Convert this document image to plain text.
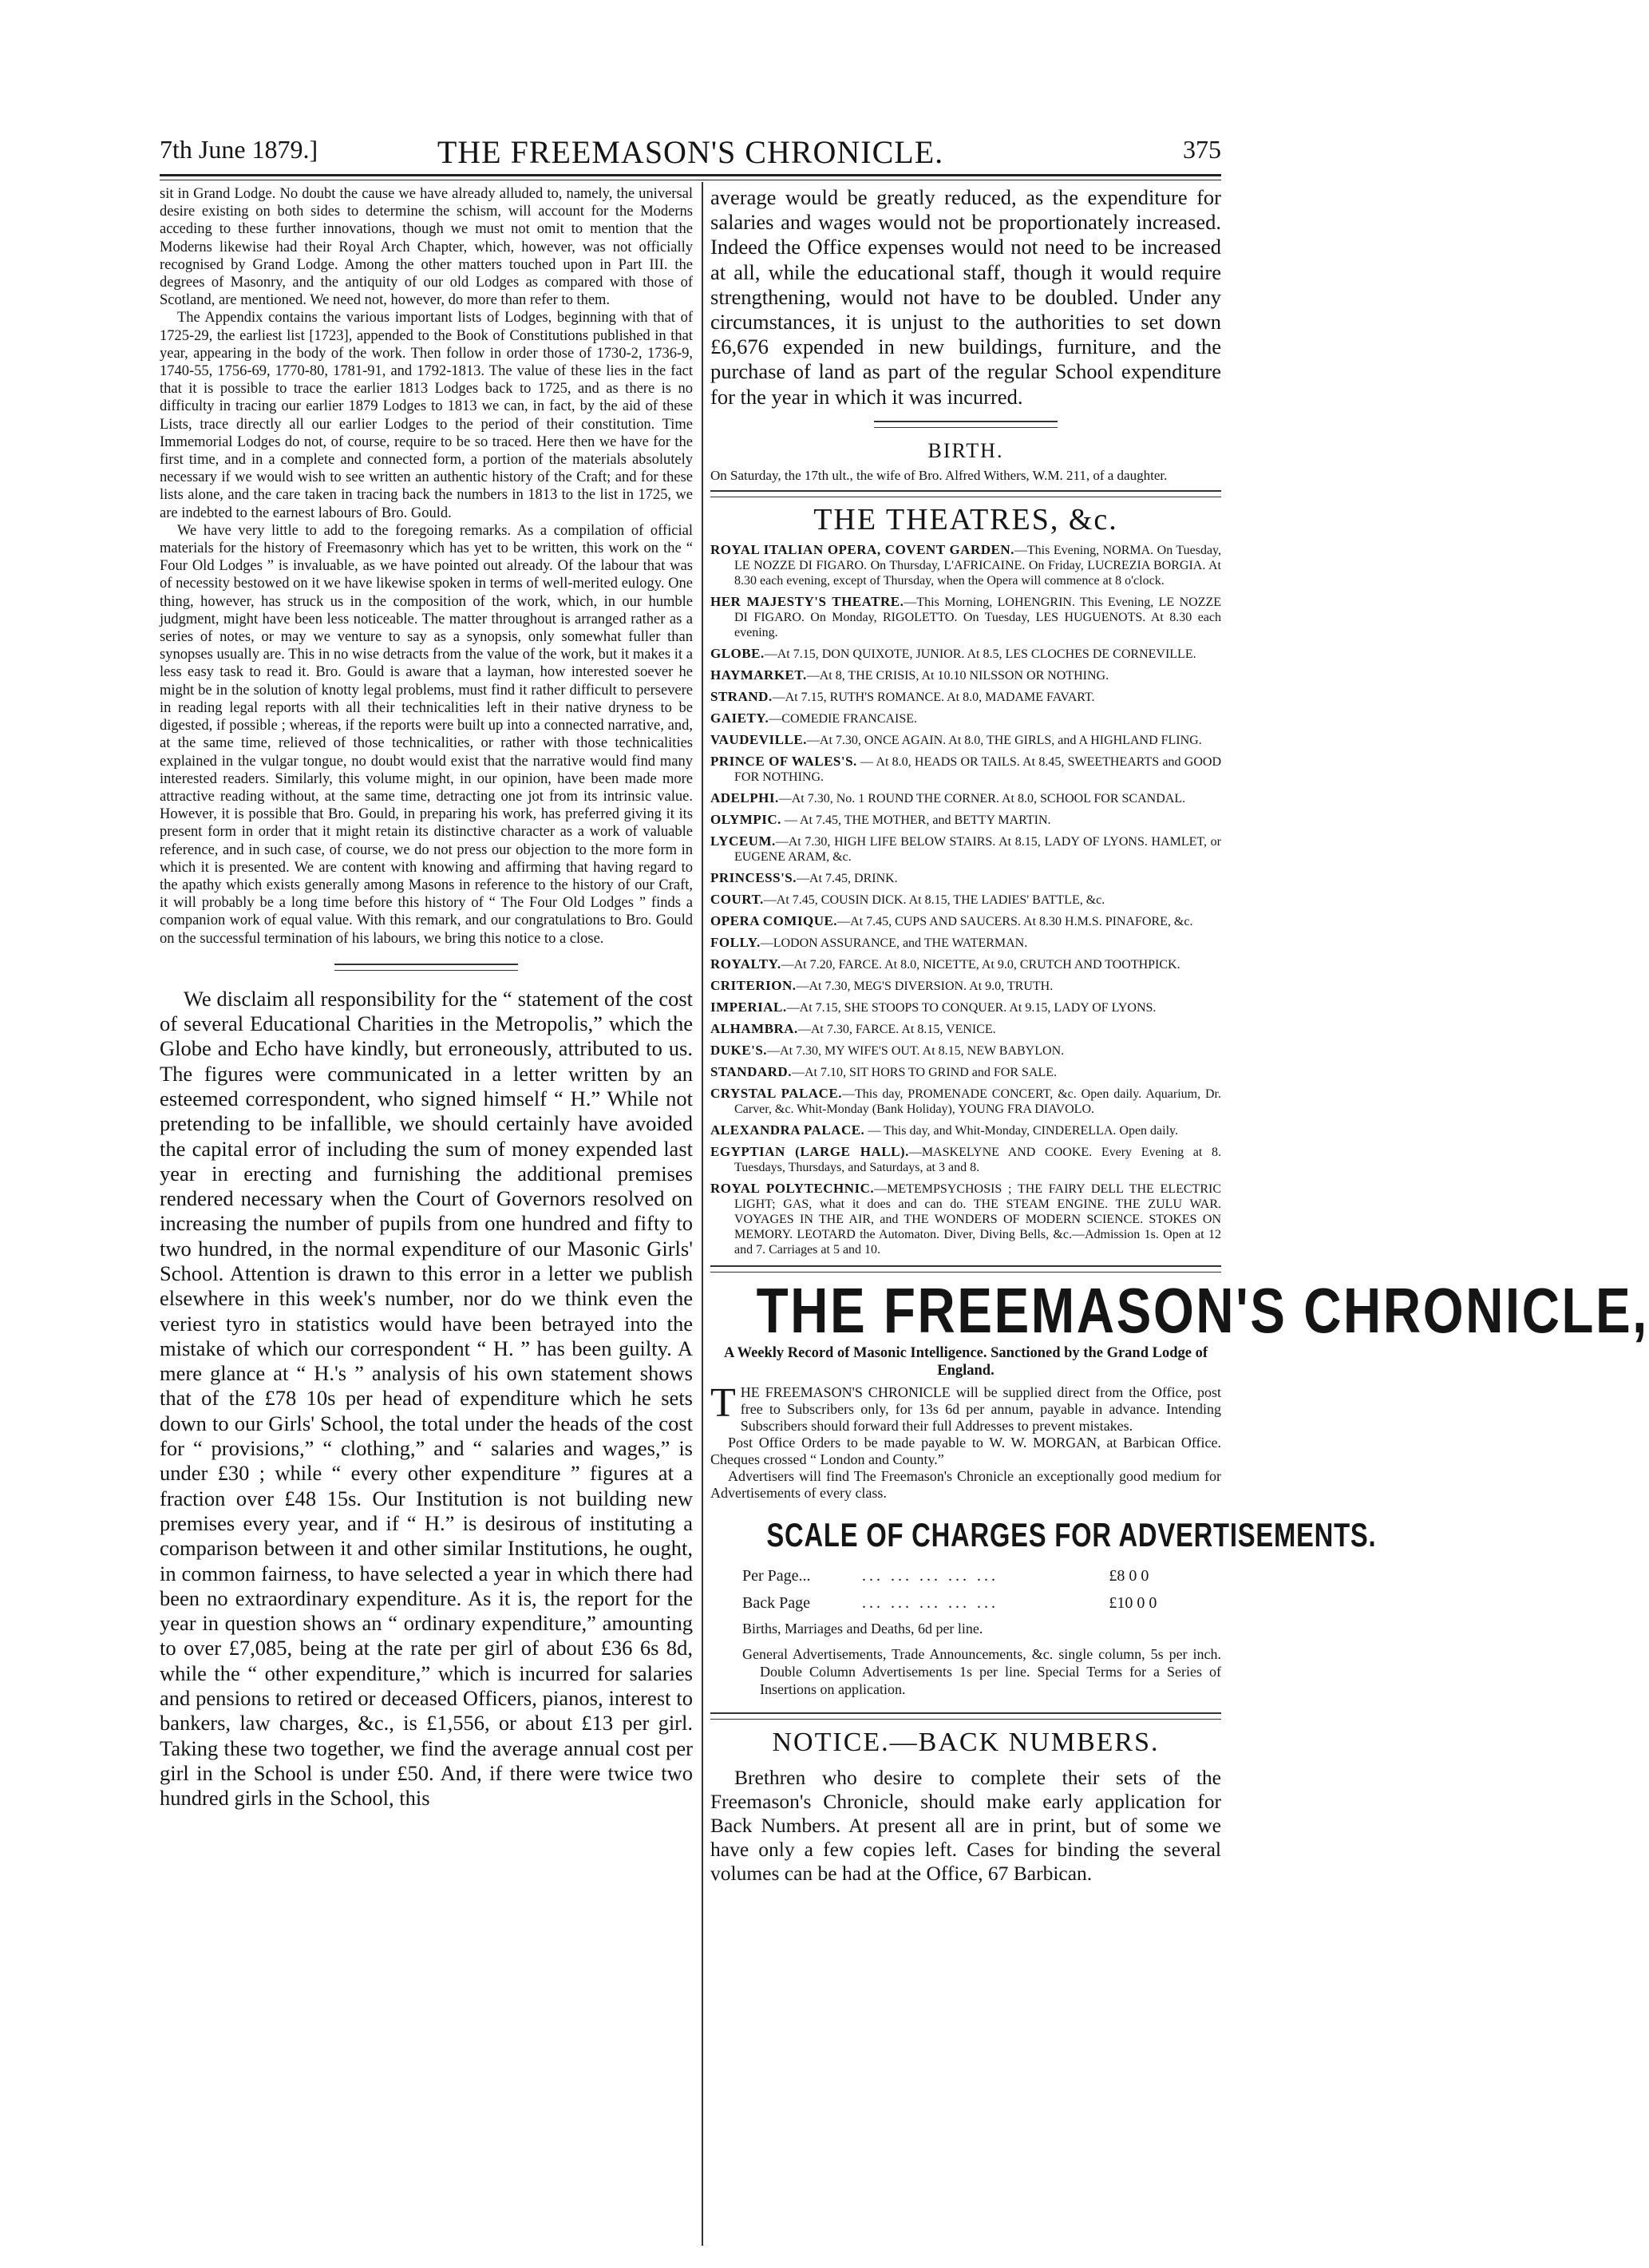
7th June 1879.]	THE FREEMASON'S CHRONICLE.	375

sit in Grand Lodge. No doubt the cause we have already alluded to, namely, the universal desire existing on both sides to determine the schism, will account for the Moderns acceding to these further innovations, though we must not omit to mention that the Moderns likewise had their Royal Arch Chapter, which, however, was not officially recognised by Grand Lodge. Among the other matters touched upon in Part III. the degrees of Masonry, and the antiquity of our old Lodges as compared with those of Scotland, are mentioned. We need not, however, do more than refer to them.

The Appendix contains the various important lists of Lodges, beginning with that of 1725-29, the earliest list [1723], appended to the Book of Constitutions published in that year, appearing in the body of the work. Then follow in order those of 1730-2, 1736-9, 1740-55, 1756-69, 1770-80, 1781-91, and 1792-1813. The value of these lies in the fact that it is possible to trace the earlier 1813 Lodges back to 1725, and as there is no difficulty in tracing our earlier 1879 Lodges to 1813 we can, in fact, by the aid of these Lists, trace directly all our earlier Lodges to the period of their constitution. Time Immemorial Lodges do not, of course, require to be so traced. Here then we have for the first time, and in a complete and connected form, a portion of the materials absolutely necessary if we would wish to see written an authentic history of the Craft; and for these lists alone, and the care taken in tracing back the numbers in 1813 to the list in 1725, we are indebted to the earnest labours of Bro. Gould.

We have very little to add to the foregoing remarks. As a compilation of official materials for the history of Freemasonry which has yet to be written, this work on the “ Four Old Lodges ” is invaluable, as we have pointed out already. Of the labour that was of necessity bestowed on it we have likewise spoken in terms of well-merited eulogy. One thing, however, has struck us in the composition of the work, which, in our humble judgment, might have been less noticeable. The matter throughout is arranged rather as a series of notes, or may we venture to say as a synopsis, only somewhat fuller than synopses usually are. This in no wise detracts from the value of the work, but it makes it a less easy task to read it. Bro. Gould is aware that a layman, how interested soever he might be in the solution of knotty legal problems, must find it rather difficult to persevere in reading legal reports with all their technicalities left in their native dryness to be digested, if possible ; whereas, if the reports were built up into a connected narrative, and, at the same time, relieved of those technicalities, or rather with those technicalities explained in the vulgar tongue, no doubt would exist that the narrative would find many interested readers. Similarly, this volume might, in our opinion, have been made more attractive reading without, at the same time, detracting one jot from its intrinsic value. However, it is possible that Bro. Gould, in preparing his work, has preferred giving it its present form in order that it might retain its distinctive character as a work of valuable reference, and in such case, of course, we do not press our objection to the more form in which it is presented. We are content with knowing and affirming that having regard to the apathy which exists generally among Masons in reference to the history of our Craft, it will probably be a long time before this history of “ The Four Old Lodges ” finds a companion work of equal value. With this remark, and our congratulations to Bro. Gould on the successful termination of his labours, we bring this notice to a close.

We disclaim all responsibility for the “ statement of the cost of several Educational Charities in the Metropolis,” which the Globe and Echo have kindly, but erroneously, attributed to us. The figures were communicated in a letter written by an esteemed correspondent, who signed himself “ H.” While not pretending to be infallible, we should certainly have avoided the capital error of including the sum of money expended last year in erecting and furnishing the additional premises rendered necessary when the Court of Governors resolved on increasing the number of pupils from one hundred and fifty to two hundred, in the normal expenditure of our Masonic Girls' School. Attention is drawn to this error in a letter we publish elsewhere in this week's number, nor do we think even the veriest tyro in statistics would have been betrayed into the mistake of which our correspondent “ H. ” has been guilty. A mere glance at “ H.'s ” analysis of his own statement shows that of the £78 10s per head of expenditure which he sets down to our Girls' School, the total under the heads of the cost for “ provisions,” “ clothing,” and “ salaries and wages,” is under £30 ; while “ every other expenditure ” figures at a fraction over £48 15s. Our Institution is not building new premises every year, and if “ H.” is desirous of instituting a comparison between it and other similar Institutions, he ought, in common fairness, to have selected a year in which there had been no extraordinary expenditure. As it is, the report for the year in question shows an “ ordinary expenditure,” amounting to over £7,085, being at the rate per girl of about £36 6s 8d, while the “ other expenditure,” which is incurred for salaries and pensions to retired or deceased Officers, pianos, interest to bankers, law charges, &c., is £1,556, or about £13 per girl. Taking these two together, we find the average annual cost per girl in the School is under £50. And, if there were twice two hundred girls in the School, this

average would be greatly reduced, as the expenditure for salaries and wages would not be proportionately increased. Indeed the Office expenses would not need to be increased at all, while the educational staff, though it would require strengthening, would not have to be doubled. Under any circumstances, it is unjust to the authorities to set down £6,676 expended in new buildings, furniture, and the purchase of land as part of the regular School expenditure for the year in which it was incurred.

BIRTH.

On Saturday, the 17th ult., the wife of Bro. Alfred Withers, W.M. 211, of a daughter.

THE THEATRES, &c.
ROYAL ITALIAN OPERA, COVENT GARDEN.—This Evening, NORMA. On Tuesday, LE NOZZE DI FIGARO. On Thursday, L'AFRICAINE. On Friday, LUCREZIA BORGIA. At 8.30 each evening, except of Thursday, when the Opera will commence at 8 o'clock.
HER MAJESTY'S THEATRE.—This Morning, LOHENGRIN. This Evening, LE NOZZE DI FIGARO. On Monday, RIGOLETTO. On Tuesday, LES HUGUENOTS. At 8.30 each evening.
GLOBE.—At 7.15, DON QUIXOTE, JUNIOR. At 8.5, LES CLOCHES DE CORNEVILLE.
HAYMARKET.—At 8, THE CRISIS, At 10.10 NILSSON OR NOTHING.
STRAND.—At 7.15, RUTH'S ROMANCE. At 8.0, MADAME FAVART.
GAIETY.—COMEDIE FRANCAISE.
VAUDEVILLE.—At 7.30, ONCE AGAIN. At 8.0, THE GIRLS, and A HIGHLAND FLING.
PRINCE OF WALES'S. — At 8.0, HEADS OR TAILS. At 8.45, SWEETHEARTS and GOOD FOR NOTHING.
ADELPHI.—At 7.30, No. 1 ROUND THE CORNER. At 8.0, SCHOOL FOR SCANDAL.
OLYMPIC. — At 7.45, THE MOTHER, and BETTY MARTIN.
LYCEUM.—At 7.30, HIGH LIFE BELOW STAIRS. At 8.15, LADY OF LYONS. HAMLET, or EUGENE ARAM, &c.
PRINCESS'S.—At 7.45, DRINK.
COURT.—At 7.45, COUSIN DICK. At 8.15, THE LADIES' BATTLE, &c.
OPERA COMIQUE.—At 7.45, CUPS AND SAUCERS. At 8.30 H.M.S. PINAFORE, &c.
FOLLY.—LODON ASSURANCE, and THE WATERMAN.
ROYALTY.—At 7.20, FARCE. At 8.0, NICETTE, At 9.0, CRUTCH AND TOOTHPICK.
CRITERION.—At 7.30, MEG'S DIVERSION. At 9.0, TRUTH.
IMPERIAL.—At 7.15, SHE STOOPS TO CONQUER. At 9.15, LADY OF LYONS.
ALHAMBRA.—At 7.30, FARCE. At 8.15, VENICE.
DUKE'S.—At 7.30, MY WIFE'S OUT. At 8.15, NEW BABYLON.
STANDARD.—At 7.10, SIT HORS TO GRIND and FOR SALE.
CRYSTAL PALACE.—This day, PROMENADE CONCERT, &c. Open daily. Aquarium, Dr. Carver, &c. Whit-Monday (Bank Holiday), YOUNG FRA DIAVOLO.
ALEXANDRA PALACE. — This day, and Whit-Monday, CINDERELLA. Open daily.
EGYPTIAN (LARGE HALL).—MASKELYNE AND COOKE. Every Evening at 8. Tuesdays, Thursdays, and Saturdays, at 3 and 8.
ROYAL POLYTECHNIC.—METEMPSYCHOSIS ; THE FAIRY DELL THE ELECTRIC LIGHT; GAS, what it does and can do. THE STEAM ENGINE. THE ZULU WAR. VOYAGES IN THE AIR, and THE WONDERS OF MODERN SCIENCE. STOKES ON MEMORY. LEOTARD the Automaton. Diver, Diving Bells, &c.—Admission 1s. Open at 12 and 7. Carriages at 5 and 10.
THE FREEMASON'S CHRONICLE,
A Weekly Record of Masonic Intelligence. Sanctioned by the Grand Lodge of England.

THE FREEMASON'S CHRONICLE will be supplied direct from the Office, post free to Subscribers only, for 13s 6d per annum, payable in advance. Intending Subscribers should forward their full Addresses to prevent mistakes.

Post Office Orders to be made payable to W. W. MORGAN, at Barbican Office. Cheques crossed “ London and County.”

Advertisers will find The Freemason's Chronicle an exceptionally good medium for Advertisements of every class.

SCALE OF CHARGES FOR ADVERTISEMENTS.
Per Page...	... ... ... ... ...	£8 0 0
Back Page	... ... ... ... ...	£10 0 0

Births, Marriages and Deaths, 6d per line.

General Advertisements, Trade Announcements, &c. single column, 5s per inch. Double Column Advertisements 1s per line. Special Terms for a Series of Insertions on application.

NOTICE.—BACK NUMBERS.

Brethren who desire to complete their sets of the Freemason's Chronicle, should make early application for Back Numbers. At present all are in print, but of some we have only a few copies left. Cases for binding the several volumes can be had at the Office, 67 Barbican.
